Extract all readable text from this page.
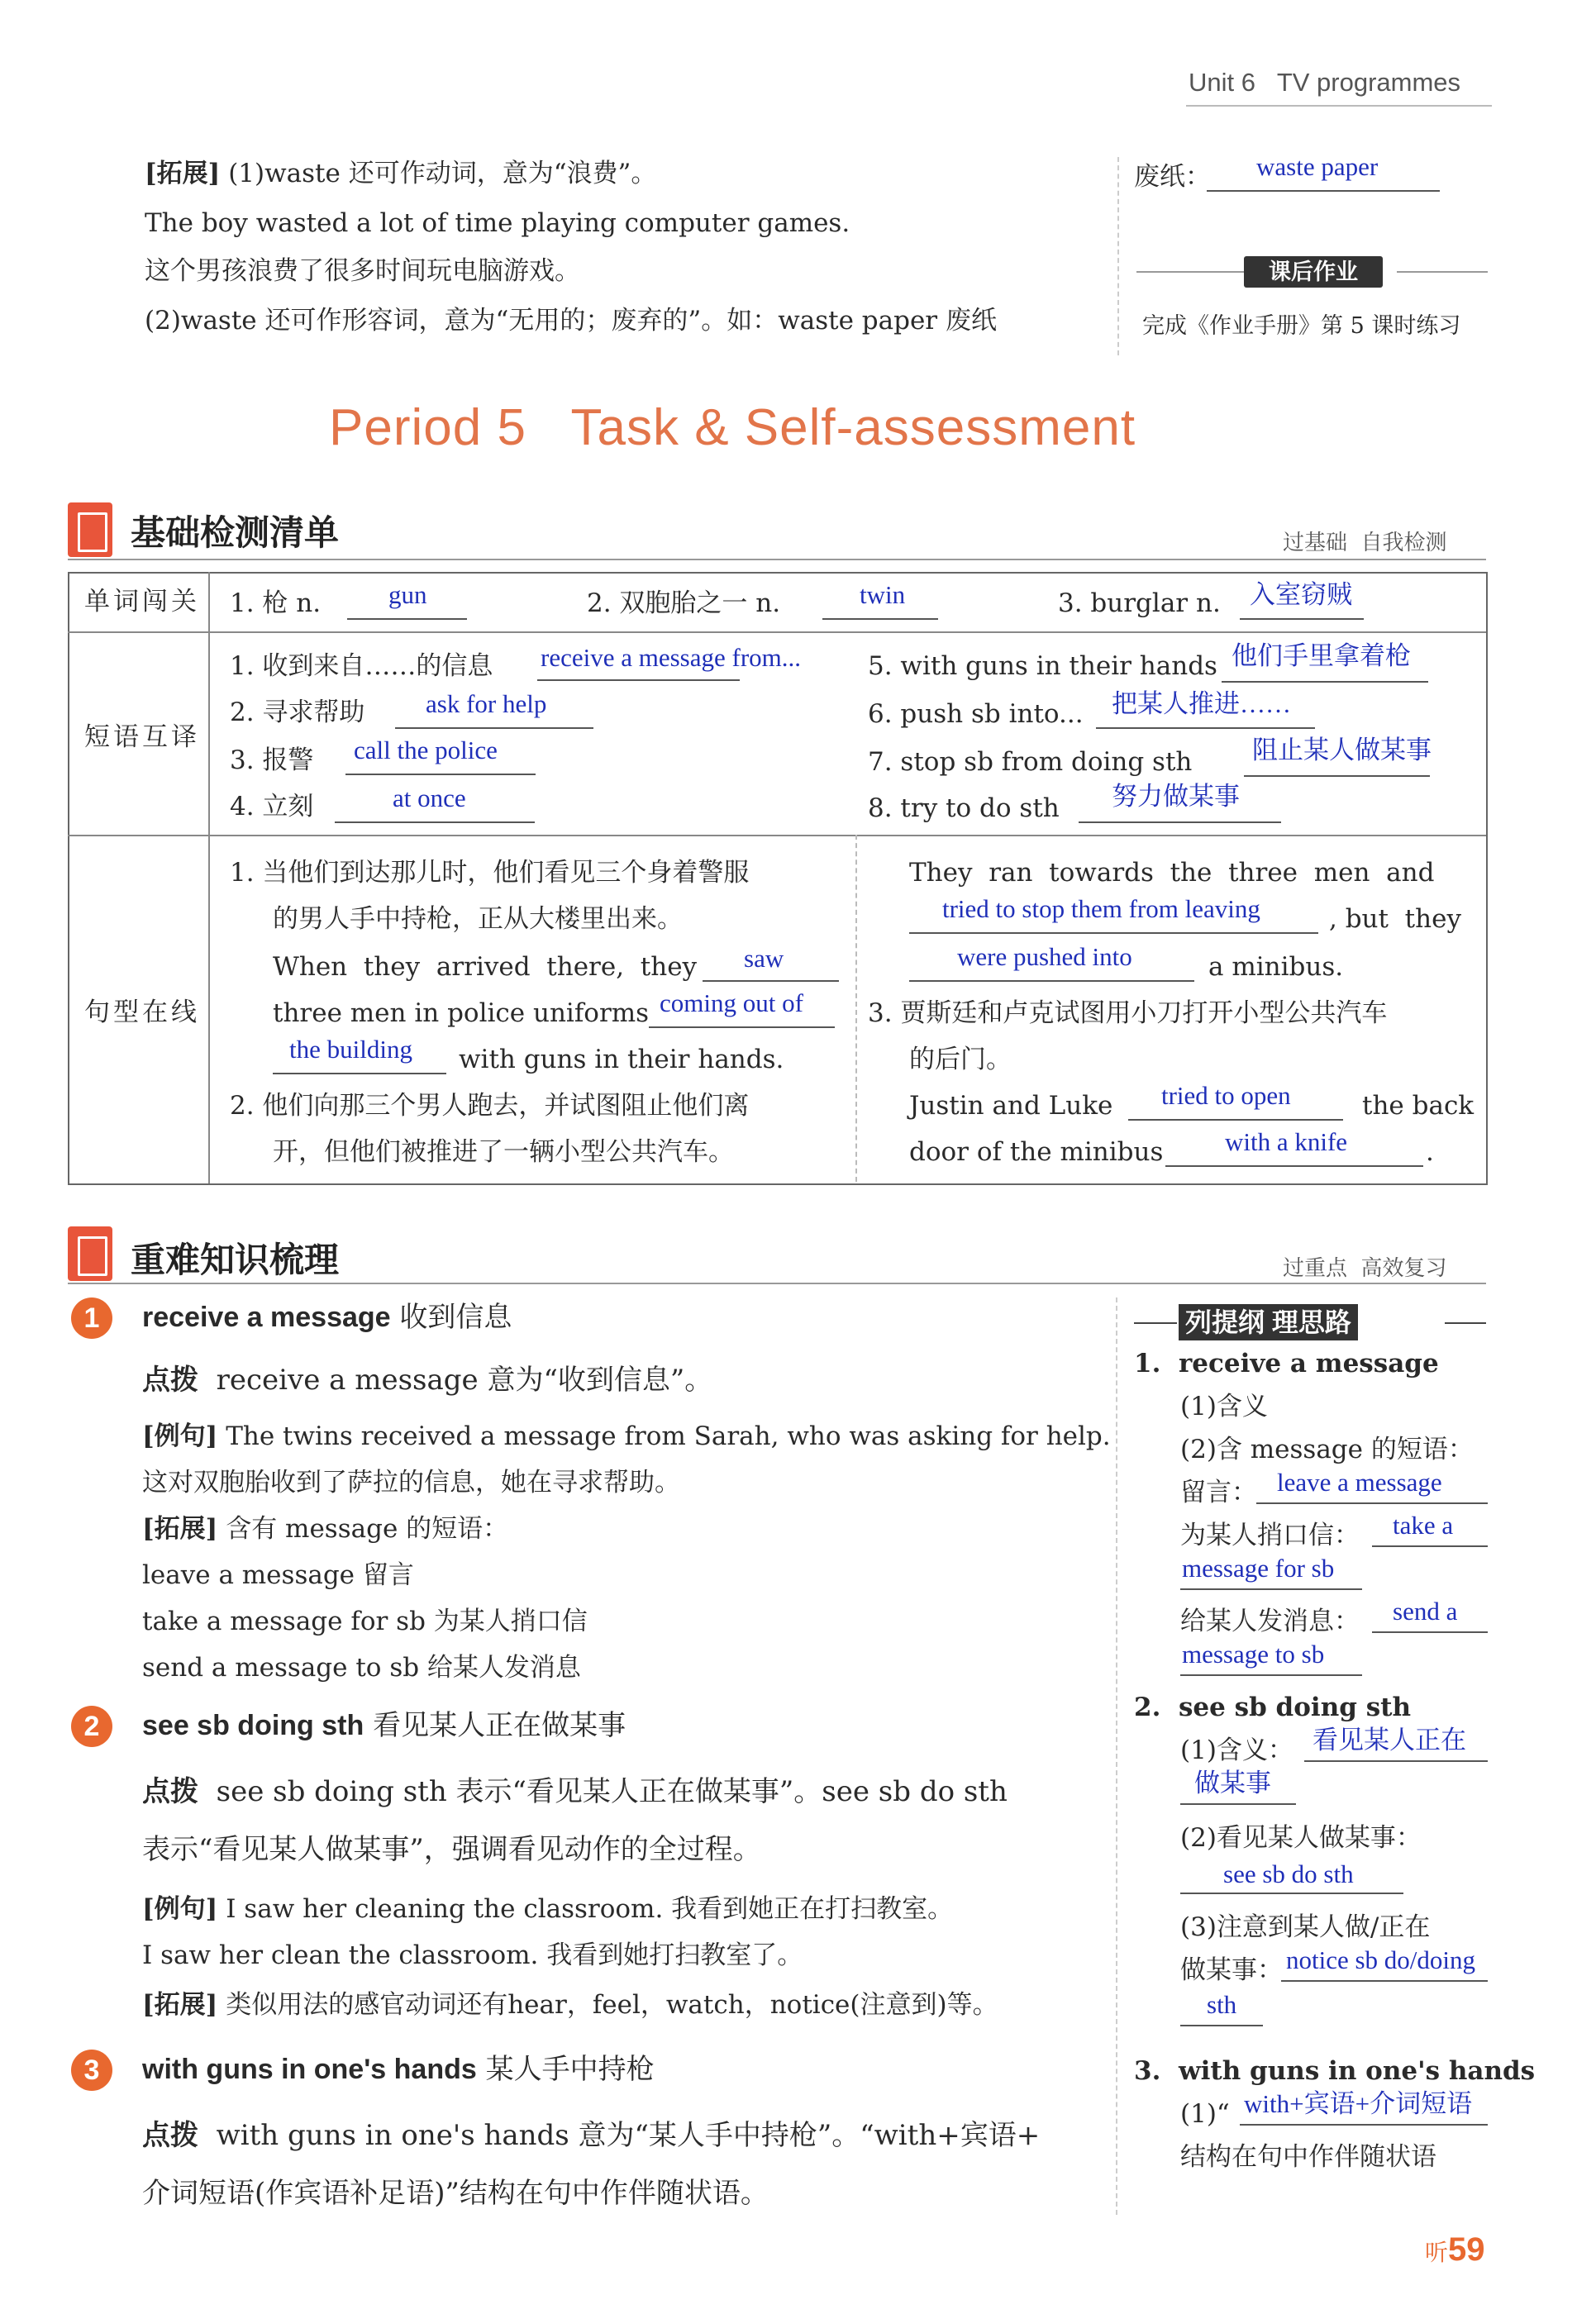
Unit 6 TV programmes
[拓展] (1)waste 还可作动词，意为“浪费”。
The boy wasted a lot of time playing computer games.
这个男孩浪费了很多时间玩电脑游戏。
(2)waste 还可作形容词，意为“无用的；废弃的”。如：waste paper 废纸
废纸： waste paper
课后作业
完成《作业手册》第 5 课时练习
Period 5   Task & Self-assessment
基础检测清单	过基础  自我检测
单词闯关 1. 枪 n.	gun	2. 双胞胎之一 n.	twin	3. burglar n. 入室窃贼
短语互译
1. 收到来自……的信息 receive a message from...
2. 寻求帮助 ask for help
3. 报警 call the police
4. 立刻	at once
5. with guns in their hands 他们手里拿着枪
6. push sb into... 把某人推进……
7. stop sb from doing sth 阻止某人做某事
8. try to do sth 努力做某事
句型在线
1. 当他们到达那儿时，他们看见三个身着警服
的男人手中持枪，正从大楼里出来。
When  they  arrived  there,  they saw
three men in police uniforms coming out of
the building with guns in their hands.
2. 他们向那三个男人跑去，并试图阻止他们离
开，但他们被推进了一辆小型公共汽车。
They  ran  towards  the  three  men  and
tried to stop them from leaving	, but  they
were pushed into	a minibus.
3. 贾斯廷和卢克试图用小刀打开小型公共汽车
的后门。
Justin and Luke tried to open	the back
door of the minibus with a knife	.
重难知识梳理	过重点  高效复习
1	receive a message 收到信息
点拨 receive a message 意为“收到信息”。
[例句] The twins received a message from Sarah, who was asking for help.
这对双胞胎收到了萨拉的信息，她在寻求帮助。
[拓展] 含有 message 的短语：
leave a message 留言
take a message for sb 为某人捎口信
send a message to sb 给某人发消息
2	see sb doing sth 看见某人正在做某事
点拨 see sb doing sth 表示“看见某人正在做某事”。see sb do sth
表示“看见某人做某事”，强调看见动作的全过程。
[例句] I saw her cleaning the classroom. 我看到她正在打扫教室。
I saw her clean the classroom. 我看到她打扫教室了。
[拓展] 类似用法的感官动词还有hear，feel，watch，notice(注意到)等。
3	with guns in one's hands 某人手中持枪
点拨 with guns in one's hands 意为“某人手中持枪”。“with+宾语+
介词短语(作宾语补足语)”结构在句中作伴随状语。
列提纲 理思路
1.  receive a message
(1)含义
(2)含 message 的短语：
留言： leave a message
为某人捎口信： take a
message for sb
给某人发消息： send a
message to sb
2.  see sb doing sth
(1)含义： 看见某人正在
做某事
(2)看见某人做某事：
see sb do sth
(3)注意到某人做/正在
做某事： notice sb do/doing
sth
3.  with guns in one's hands
(1)“ with+宾语+介词短语
结构在句中作伴随状语
听59
